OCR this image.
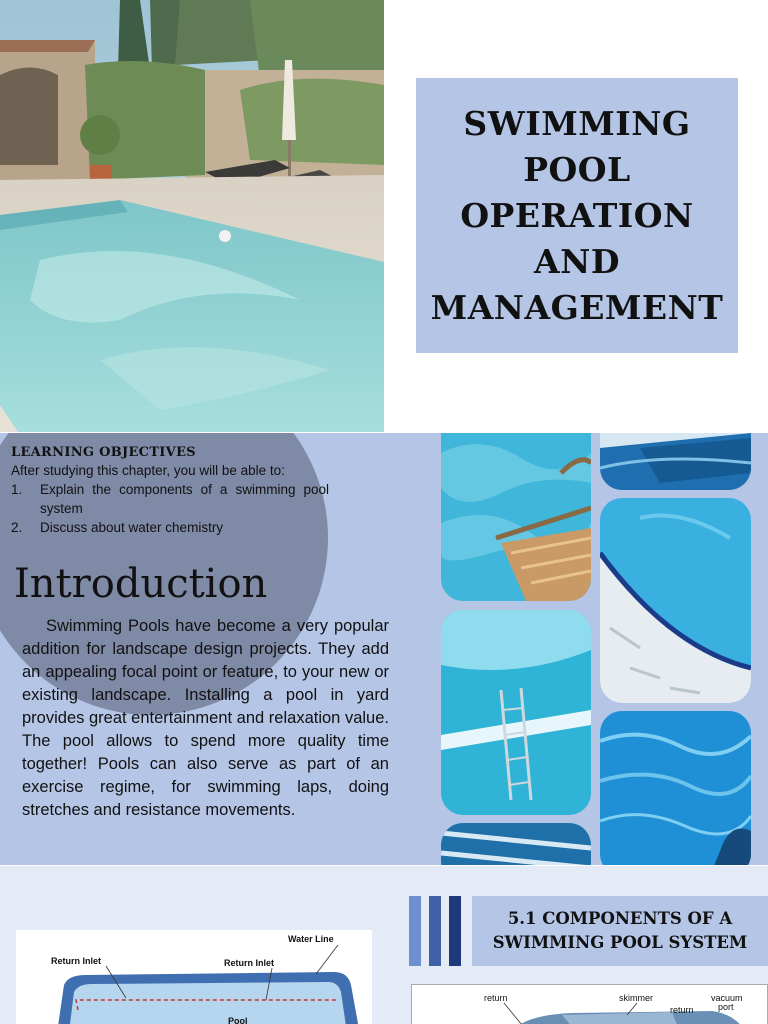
SWIMMING
POOL
OPERATION
AND
MANAGEMENT
LEARNING OBJECTIVES
After studying this chapter, you will be able to:
1.	Explain the components of a swimming pool system
2.	Discuss about water chemistry
Introduction

Swimming Pools have become a very popular addition for landscape design projects. They add an appealing focal point or feature, to your new or existing landscape. Installing a pool in yard provides great entertainment and relaxation value. The pool allows to spend more quality time together! Pools can also serve as part of an exercise regime, for swimming laps, doing stretches and resistance movements.

Water Line
Return Inlet	Return Inlet
Pool
5.1 COMPONENTS OF A
SWIMMING POOL SYSTEM
return	skimmer
return
vacuum
port
